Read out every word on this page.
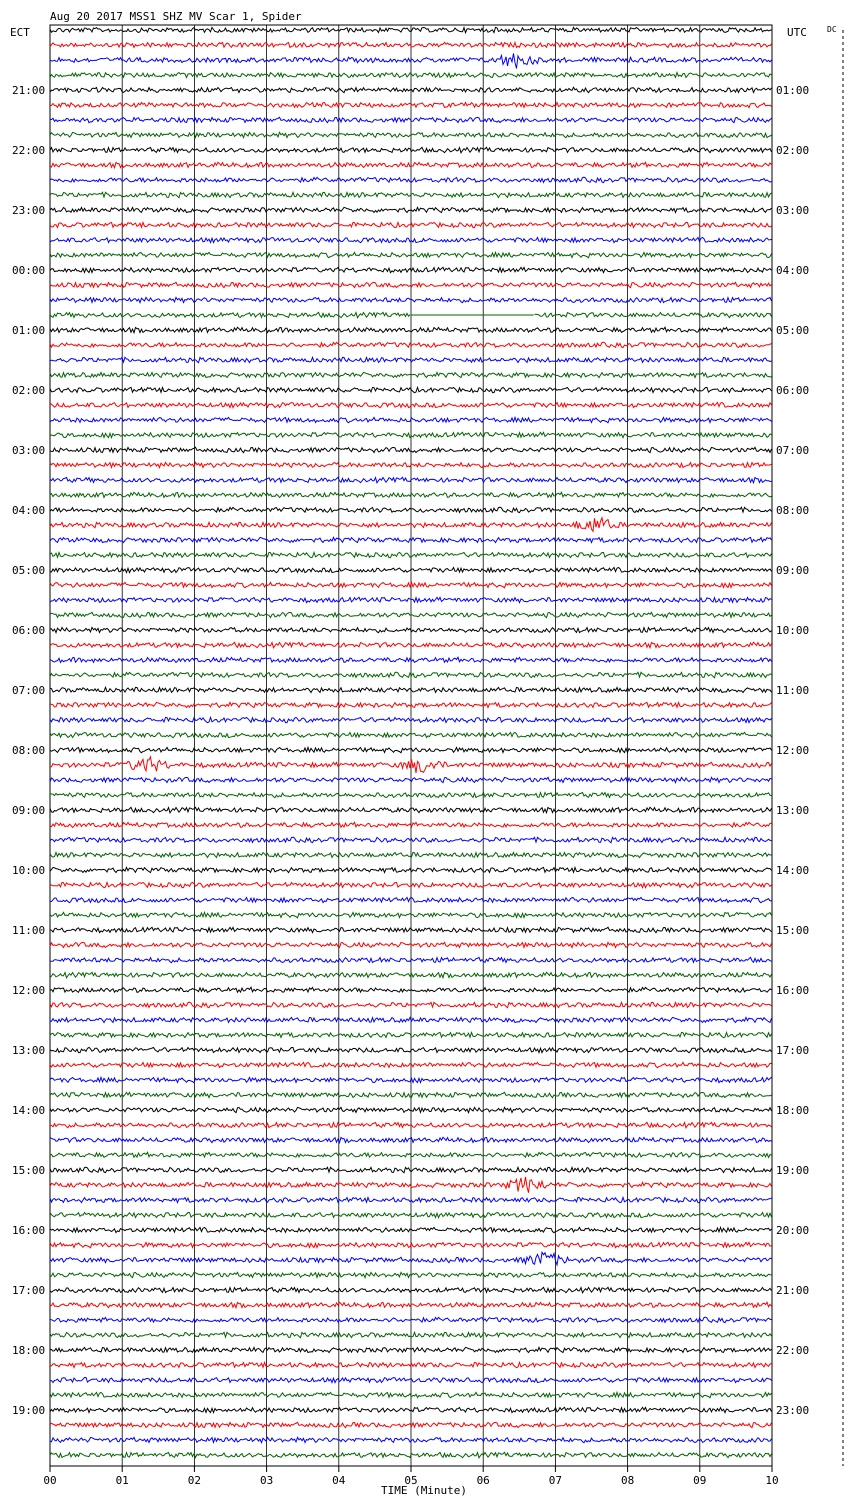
Aug 20 2017 MSS1 SHZ MV Scar 1, Spider
ECT	UTC	DC
21:00
22:00
23:00
00:00
01:00
02:00
03:00
04:00
05:00
06:00
07:00
08:00
09:00
10:00
11:00
12:00
13:00
14:00
15:00
16:00
17:00
18:00
19:00
01:00
02:00
03:00
04:00
05:00
06:00
07:00
08:00
09:00
10:00
11:00
12:00
13:00
14:00
15:00
16:00
17:00
18:00
19:00
20:00
21:00
22:00
23:00
00	01	02	03	04	05	06	07	08	09	10
TIME (Minute)
